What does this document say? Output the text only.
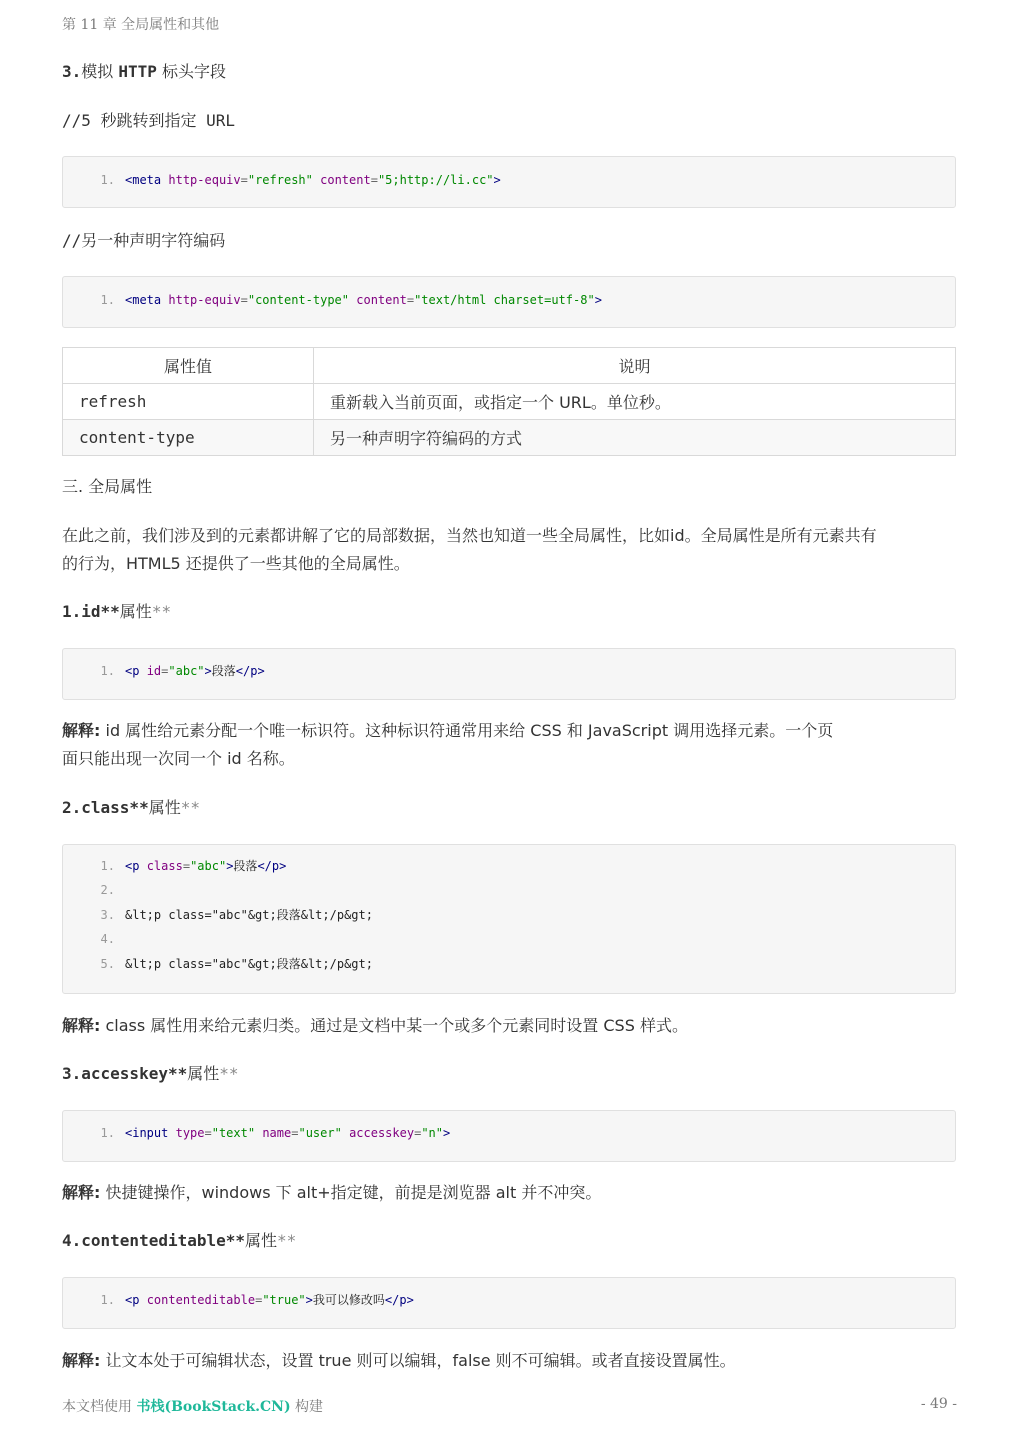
第 11 章 全局属性和其他
3.模拟 HTTP 标头字段
//5 秒跳转到指定 URL
1. <meta http-equiv="refresh" content="5;http://li.cc">
//另一种声明字符编码
1. <meta http-equiv="content-type" content="text/html charset=utf-8">
属性值	说明
refresh	重新载入当前页面，或指定一个 URL。单位秒。
content-type	另一种声明字符编码的方式
三. 全局属性
在此之前，我们涉及到的元素都讲解了它的局部数据，当然也知道一些全局属性，比如id。全局属性是所有元素共有
的行为，HTML5 还提供了一些其他的全局属性。
1.id**属性**
1. <p id="abc">段落</p>
解释: id 属性给元素分配一个唯一标识符。这种标识符通常用来给 CSS 和 JavaScript 调用选择元素。一个页
面只能出现一次同一个 id 名称。
2.class**属性**
1. <p class="abc">段落</p>
2.
3. &lt;p class="abc"&gt;段落&lt;/p&gt;
4.
5. &lt;p class="abc"&gt;段落&lt;/p&gt;
解释: class 属性用来给元素归类。通过是文档中某一个或多个元素同时设置 CSS 样式。
3.accesskey**属性**
1. <input type="text" name="user" accesskey="n">
解释: 快捷键操作，windows 下 alt+指定键，前提是浏览器 alt 并不冲突。
4.contenteditable**属性**
1. <p contenteditable="true">我可以修改吗</p>
解释: 让文本处于可编辑状态，设置 true 则可以编辑，false 则不可编辑。或者直接设置属性。
本文档使用 书栈(BookStack.CN) 构建	- 49 -
